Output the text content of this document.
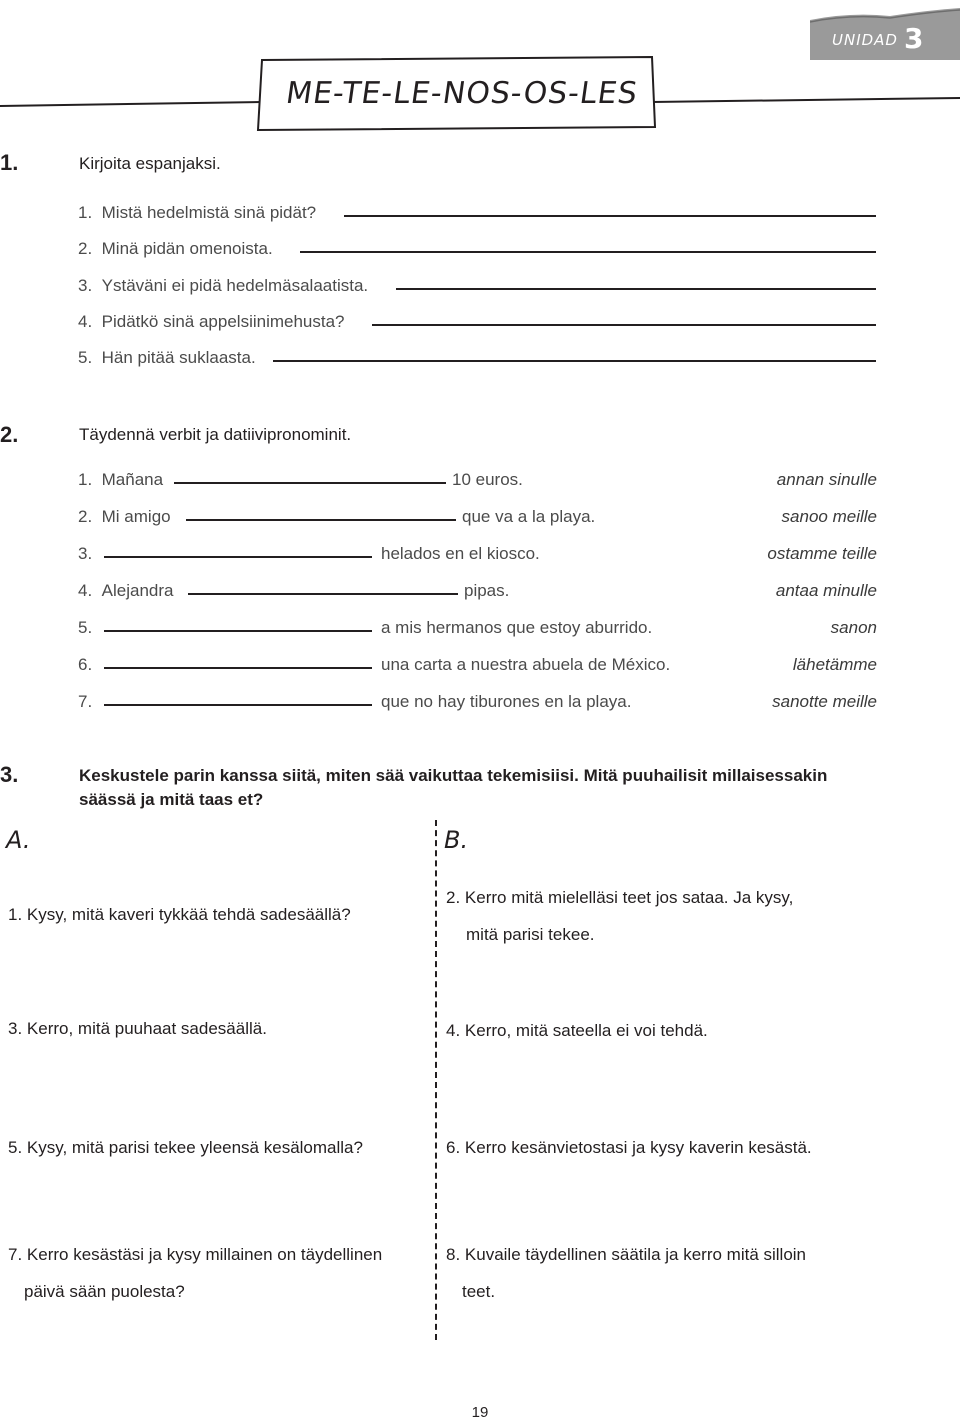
UNIDAD 3
ME-TE-LE-NOS-OS-LES
1.	Kirjoita espanjaksi.
1. Mistä hedelmistä sinä pidät?
2. Minä pidän omenoista.
3. Ystäväni ei pidä hedelmäsalaatista.
4. Pidätkö sinä appelsiinimehusta?
5. Hän pitää suklaasta.
2.	Täydennä verbit ja datiivipronominit.
1. Mañana	10 euros.	annan sinulle
2. Mi amigo	que va a la playa.	sanoo meille
3.	helados en el kiosco.	ostamme teille
4. Alejandra	pipas.	antaa minulle
5.	a mis hermanos que estoy aburrido.	sanon
6.	una carta a nuestra abuela de México.	lähetämme
7.	que no hay tiburones en la playa.	sanotte meille
3.	Keskustele parin kanssa siitä, miten sää vaikuttaa tekemisiisi. Mitä puuhailisit millaisessakin
säässä ja mitä taas et?
A.	B.
1. Kysy, mitä kaveri tykkää tehdä sadesäällä?
3. Kerro, mitä puuhaat sadesäällä.
5. Kysy, mitä parisi tekee yleensä kesälomalla?
7. Kerro kesästäsi ja kysy millainen on täydellinen
päivä sään puolesta?
2. Kerro mitä mielelläsi teet jos sataa. Ja kysy,
mitä parisi tekee.
4. Kerro, mitä sateella ei voi tehdä.
6. Kerro kesänvietostasi ja kysy kaverin kesästä.
8. Kuvaile täydellinen säätila ja kerro mitä silloin
teet.
19
